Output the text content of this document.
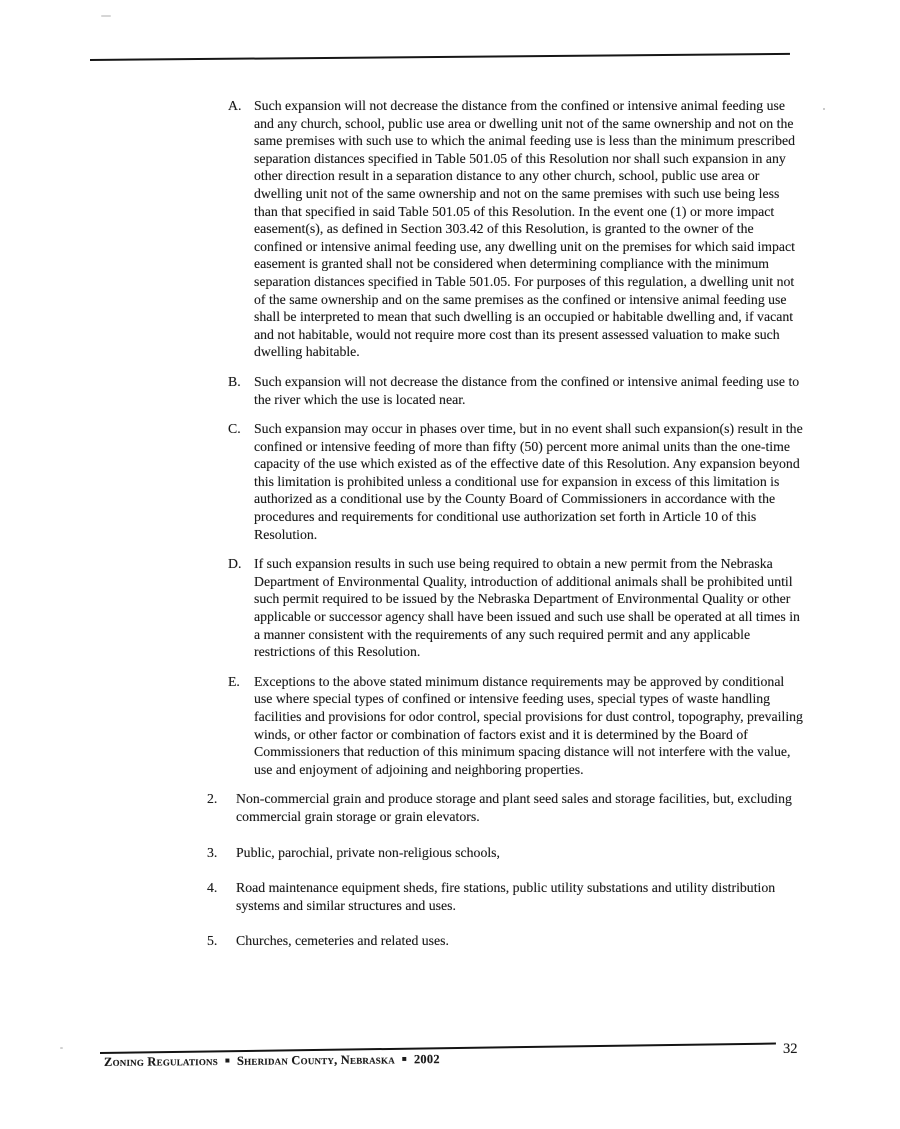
A. Such expansion will not decrease the distance from the confined or intensive animal feeding use and any church, school, public use area or dwelling unit not of the same ownership and not on the same premises with such use to which the animal feeding use is less than the minimum prescribed separation distances specified in Table 501.05 of this Resolution nor shall such expansion in any other direction result in a separation distance to any other church, school, public use area or dwelling unit not of the same ownership and not on the same premises with such use being less than that specified in said Table 501.05 of this Resolution. In the event one (1) or more impact easement(s), as defined in Section 303.42 of this Resolution, is granted to the owner of the confined or intensive animal feeding use, any dwelling unit on the premises for which said impact easement is granted shall not be considered when determining compliance with the minimum separation distances specified in Table 501.05. For purposes of this regulation, a dwelling unit not of the same ownership and on the same premises as the confined or intensive animal feeding use shall be interpreted to mean that such dwelling is an occupied or habitable dwelling and, if vacant and not habitable, would not require more cost than its present assessed valuation to make such dwelling habitable.
B. Such expansion will not decrease the distance from the confined or intensive animal feeding use to the river which the use is located near.
C. Such expansion may occur in phases over time, but in no event shall such expansion(s) result in the confined or intensive feeding of more than fifty (50) percent more animal units than the one-time capacity of the use which existed as of the effective date of this Resolution. Any expansion beyond this limitation is prohibited unless a conditional use for expansion in excess of this limitation is authorized as a conditional use by the County Board of Commissioners in accordance with the procedures and requirements for conditional use authorization set forth in Article 10 of this Resolution.
D. If such expansion results in such use being required to obtain a new permit from the Nebraska Department of Environmental Quality, introduction of additional animals shall be prohibited until such permit required to be issued by the Nebraska Department of Environmental Quality or other applicable or successor agency shall have been issued and such use shall be operated at all times in a manner consistent with the requirements of any such required permit and any applicable restrictions of this Resolution.
E.	Exceptions to the above stated minimum distance requirements may be approved by conditional use where special types of confined or intensive feeding uses, special types of waste handling facilities and provisions for odor control, special provisions for dust control, topography, prevailing winds, or other factor or combination of factors exist and it is determined by the Board of Commissioners that reduction of this minimum spacing distance will not interfere with the value, use and enjoyment of adjoining and neighboring properties.
2.	Non-commercial grain and produce storage and plant seed sales and storage facilities, but, excluding commercial grain storage or grain elevators.
3.	Public, parochial, private non-religious schools,
4.	Road maintenance equipment sheds, fire stations, public utility substations and utility distribution systems and similar structures and uses.
5.	Churches, cemeteries and related uses.
Zoning Regulations ■ Sheridan County, Nebraska ■ 2002
32
